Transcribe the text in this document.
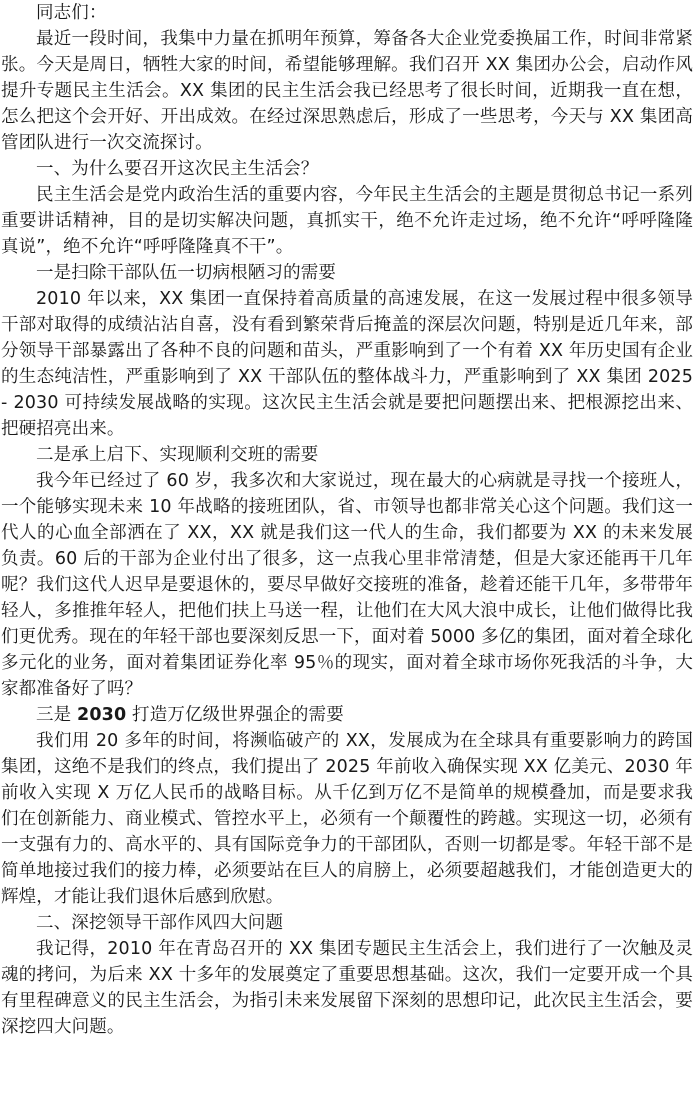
同志们：

最近一段时间，我集中力量在抓明年预算，筹备各大企业党委换届工作，时间非常紧张。今天是周日，牺牲大家的时间，希望能够理解。我们召开 XX 集团办公会，启动作风提升专题民主生活会。XX 集团的民主生活会我已经思考了很长时间，近期我一直在想，怎么把这个会开好、开出成效。在经过深思熟虑后，形成了一些思考，今天与 XX 集团高管团队进行一次交流探讨。

一、为什么要召开这次民主生活会？

民主生活会是党内政治生活的重要内容，今年民主生活会的主题是贯彻总书记一系列重要讲话精神，目的是切实解决问题，真抓实干，绝不允许走过场，绝不允许“呼呼隆隆真说”，绝不允许“呼呼隆隆真不干”。

一是扫除干部队伍一切病根陋习的需要

2010 年以来，XX 集团一直保持着高质量的高速发展，在这一发展过程中很多领导干部对取得的成绩沾沾自喜，没有看到繁荣背后掩盖的深层次问题，特别是近几年来，部分领导干部暴露出了各种不良的问题和苗头，严重影响到了一个有着 XX 年历史国有企业的生态纯洁性，严重影响到了 XX 干部队伍的整体战斗力，严重影响到了 XX 集团 2025 - 2030 可持续发展战略的实现。这次民主生活会就是要把问题摆出来、把根源挖出来、把硬招亮出来。

二是承上启下、实现顺利交班的需要

我今年已经过了 60 岁，我多次和大家说过，现在最大的心病就是寻找一个接班人，一个能够实现未来 10 年战略的接班团队，省、市领导也都非常关心这个问题。我们这一代人的心血全部洒在了 XX，XX 就是我们这一代人的生命，我们都要为 XX 的未来发展负责。60 后的干部为企业付出了很多，这一点我心里非常清楚，但是大家还能再干几年呢？我们这代人迟早是要退休的，要尽早做好交接班的准备，趁着还能干几年，多带带年轻人，多推推年轻人，把他们扶上马送一程，让他们在大风大浪中成长，让他们做得比我们更优秀。现在的年轻干部也要深刻反思一下，面对着 5000 多亿的集团，面对着全球化多元化的业务，面对着集团证券化率 95％的现实，面对着全球市场你死我活的斗争，大家都准备好了吗？

三是 2030 打造万亿级世界强企的需要

我们用 20 多年的时间，将濒临破产的 XX，发展成为在全球具有重要影响力的跨国集团，这绝不是我们的终点，我们提出了 2025 年前收入确保实现 XX 亿美元、2030 年前收入实现 X 万亿人民币的战略目标。从千亿到万亿不是简单的规模叠加，而是要求我们在创新能力、商业模式、管控水平上，必须有一个颠覆性的跨越。实现这一切，必须有一支强有力的、高水平的、具有国际竞争力的干部团队，否则一切都是零。年轻干部不是简单地接过我们的接力棒，必须要站在巨人的肩膀上，必须要超越我们，才能创造更大的辉煌，才能让我们退休后感到欣慰。

二、深挖领导干部作风四大问题

我记得，2010 年在青岛召开的 XX 集团专题民主生活会上，我们进行了一次触及灵魂的拷问，为后来 XX 十多年的发展奠定了重要思想基础。这次，我们一定要开成一个具有里程碑意义的民主生活会，为指引未来发展留下深刻的思想印记，此次民主生活会，要深挖四大问题。
